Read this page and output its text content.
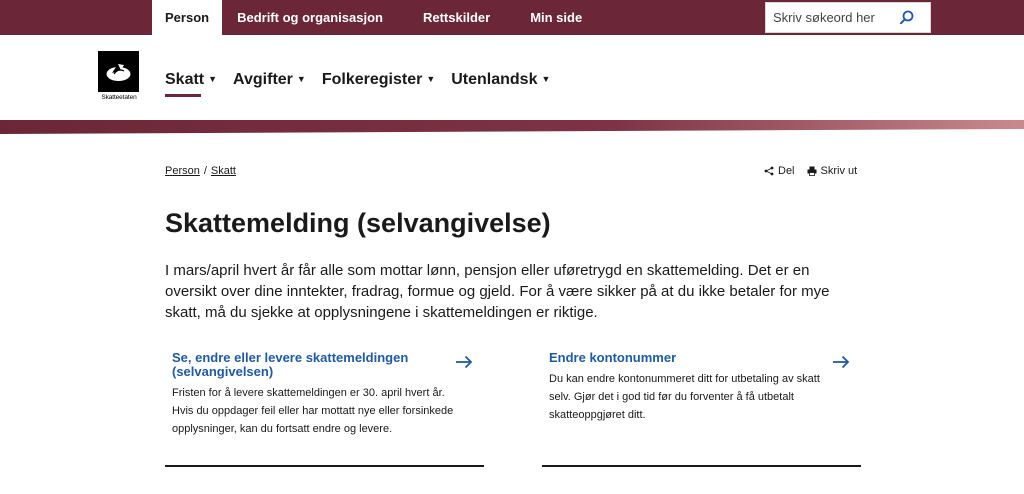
Person	Bedrift og organisasjon	Rettskilder	Min side
Skriv søkeord her
Skatteetaten
Skatt ▼ Avgifter ▼ Folkeregister ▼ Utenlandsk ▼
Person / Skatt	Del Skriv ut
Skattemelding (selvangivelse)

I mars/april hvert år får alle som mottar lønn, pensjon eller uføretrygd en skattemelding. Det er en oversikt over dine inntekter, fradrag, formue og gjeld. For å være sikker på at du ikke betaler for mye skatt, må du sjekke at opplysningene i skattemeldingen er riktige.

Se, endre eller levere skattemeldingen (selvangivelsen)
Fristen for å levere skattemeldingen er 30. april hvert år. Hvis du oppdager feil eller har mottatt nye eller forsinkede opplysninger, kan du fortsatt endre og levere.
Endre kontonummer
Du kan endre kontonummeret ditt for utbetaling av skatt selv. Gjør det i god tid før du forventer å få utbetalt skatteoppgjøret ditt.
